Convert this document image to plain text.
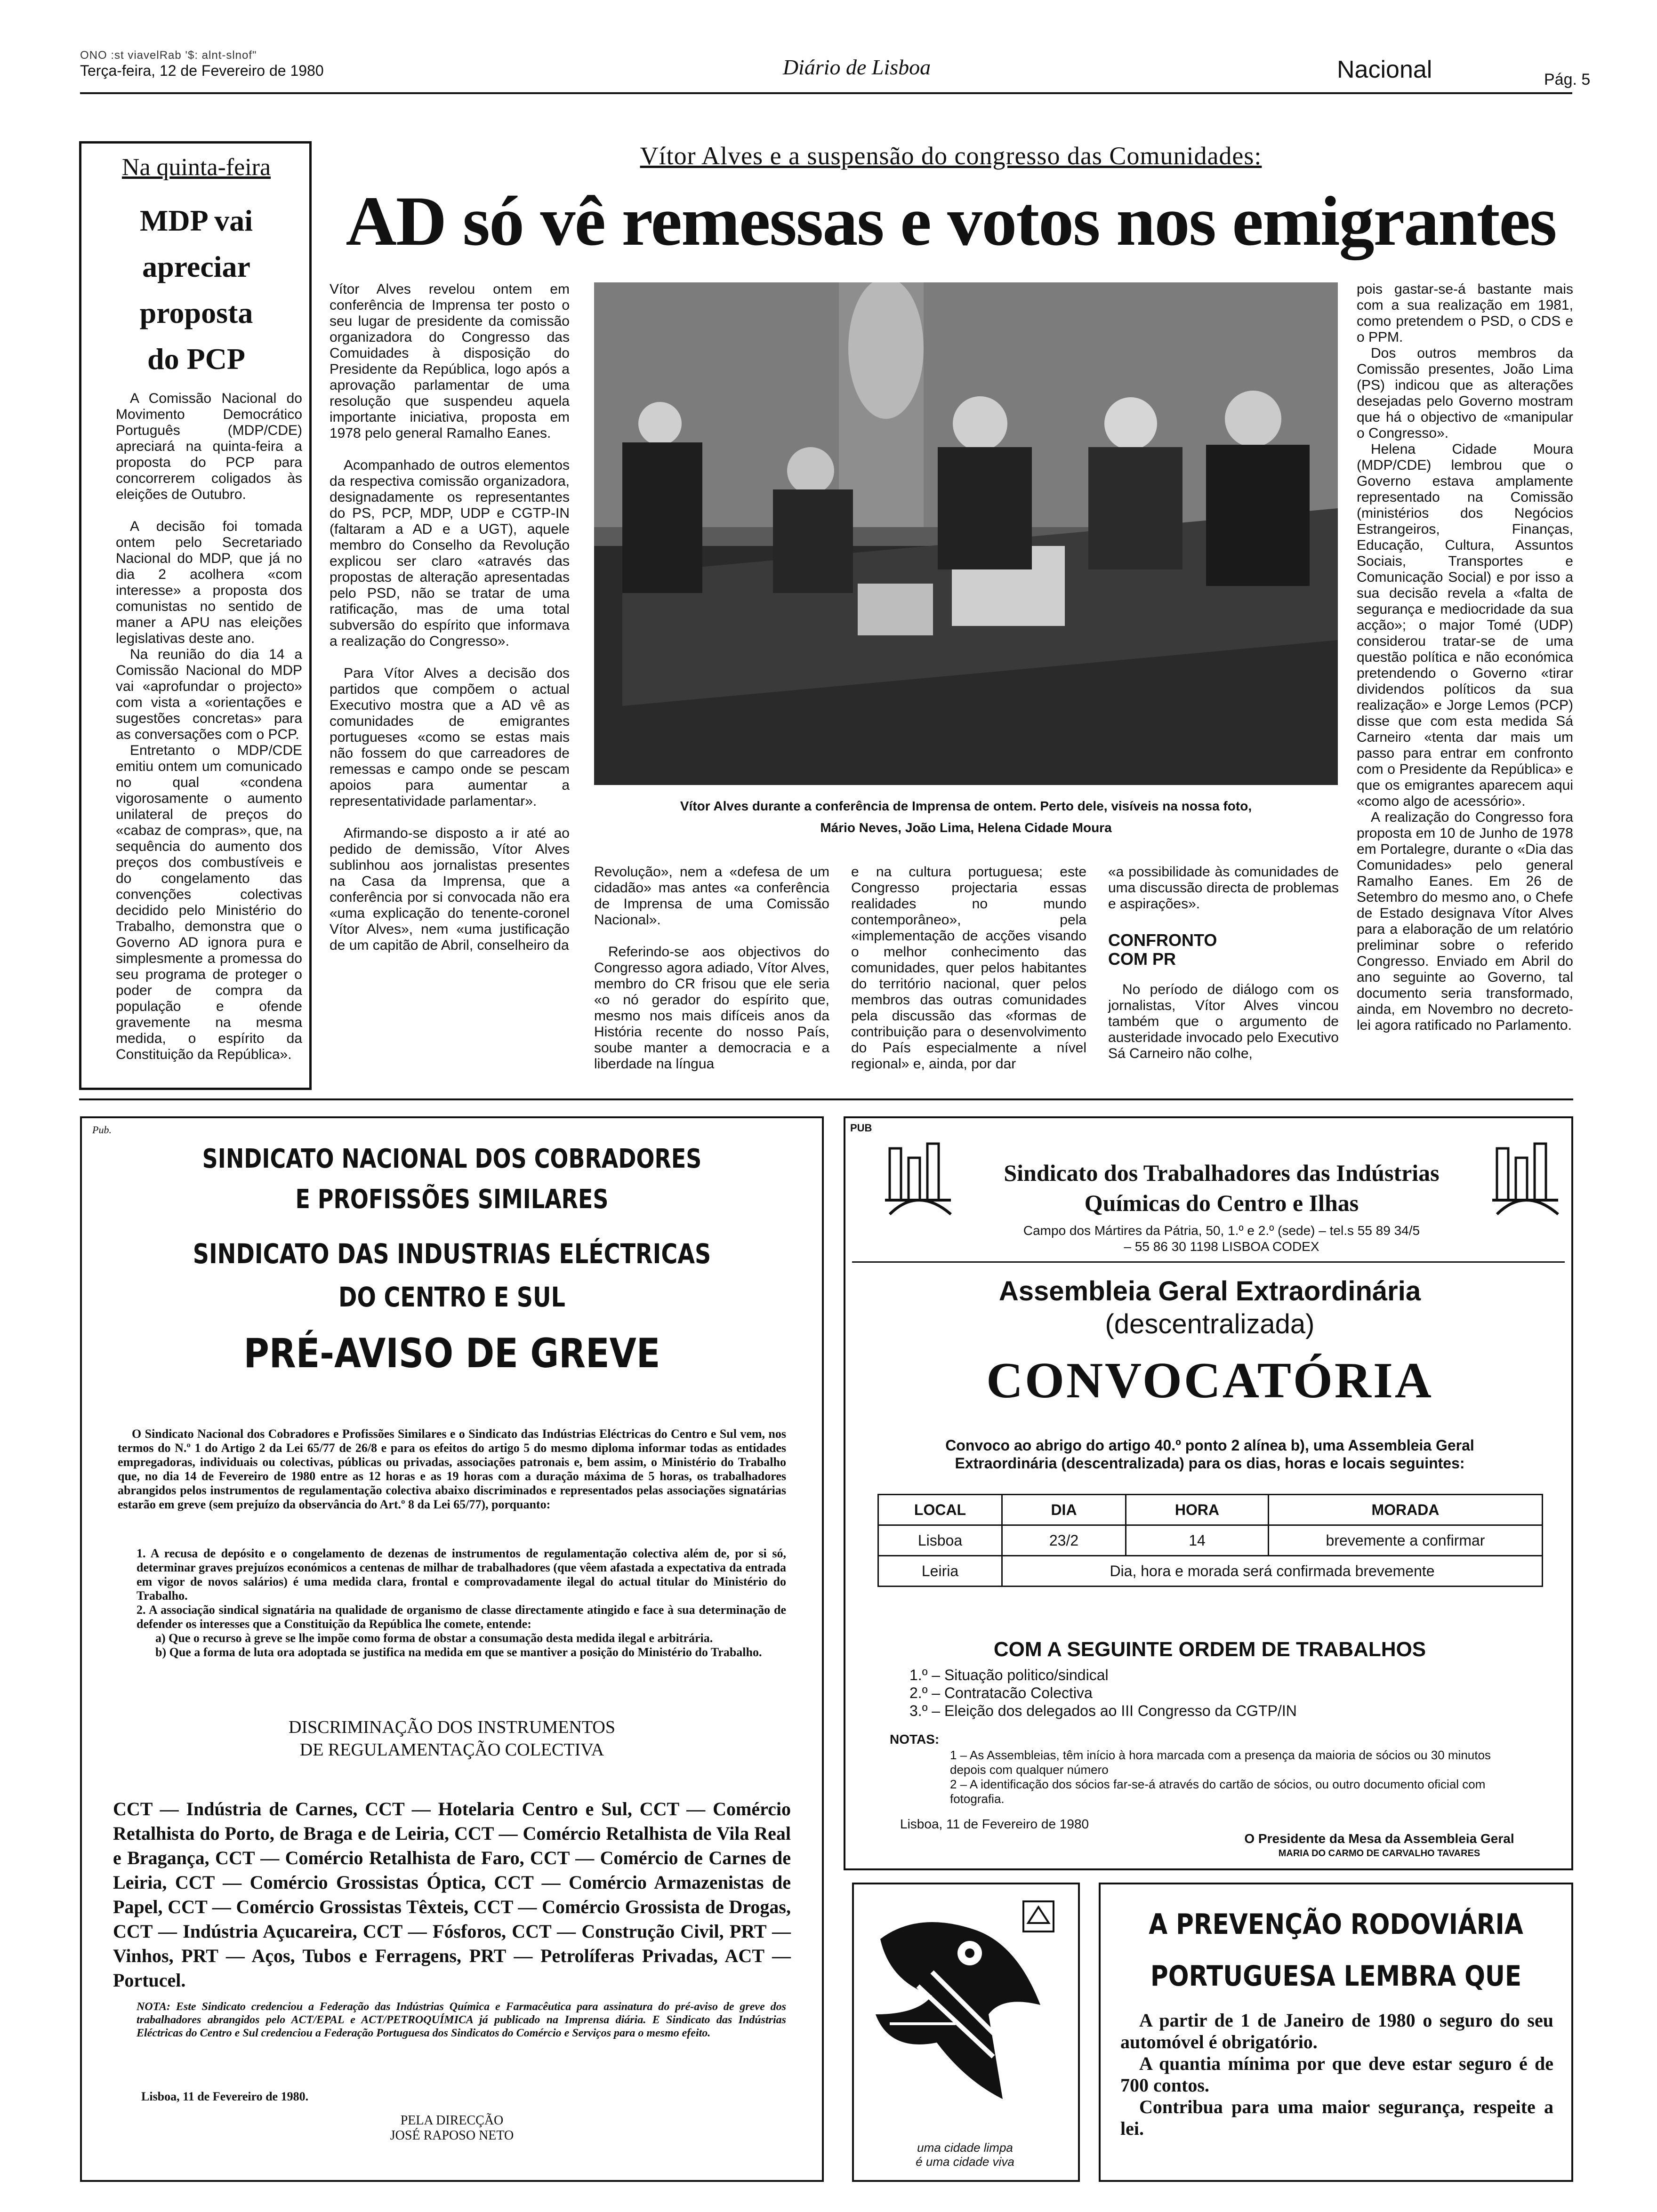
ONO :st viavelRab '$: alnt-slnof"
Terça-feira, 12 de Fevereiro de 1980	Diário de Lisboa	Nacional	Pág. 5
Na quinta-feira
MDP vai
apreciar
proposta
do PCP

A Comissão Nacional do Movimento Democrático Português (MDP/CDE) apreciará na quinta-feira a proposta do PCP para concorrerem coligados às eleições de Outubro.

A decisão foi tomada ontem pelo Secretariado Nacional do MDP, que já no dia 2 acolhera «com interesse» a proposta dos comunistas no sentido de maner a APU nas eleições legislativas deste ano.

Na reunião do dia 14 a Comissão Nacional do MDP vai «aprofundar o projecto» com vista a «orientações e sugestões concretas» para as conversações com o PCP.

Entretanto o MDP/CDE emitiu ontem um comunicado no qual «condena vigorosamente o aumento unilateral de preços do «cabaz de compras», que, na sequência do aumento dos preços dos combustíveis e do congelamento das convenções colectivas decidido pelo Ministério do Trabalho, demonstra que o Governo AD ignora pura e simplesmente a promessa do seu programa de proteger o poder de compra da população e ofende gravemente na mesma medida, o espírito da Constituição da República».

Vítor Alves e a suspensão do congresso das Comunidades:
AD só vê remessas e votos nos emigrantes

Vítor Alves revelou ontem em conferência de Imprensa ter posto o seu lugar de presidente da comissão organizadora do Congresso das Comuidades à disposição do Presidente da República, logo após a aprovação parlamentar de uma resolução que suspendeu aquela importante iniciativa, proposta em 1978 pelo general Ramalho Eanes.

Acompanhado de outros elementos da respectiva comissão organizadora, designadamente os representantes do PS, PCP, MDP, UDP e CGTP-IN (faltaram a AD e a UGT), aquele membro do Conselho da Revolução explicou ser claro «através das propostas de alteração apresentadas pelo PSD, não se tratar de uma ratificação, mas de uma total subversão do espírito que informava a realização do Congresso».

Para Vítor Alves a decisão dos partidos que compõem o actual Executivo mostra que a AD vê as comunidades de emigrantes portugueses «como se estas mais não fossem do que carreadores de remessas e campo onde se pescam apoios para aumentar a representatividade parlamentar».

Afirmando-se disposto a ir até ao pedido de demissão, Vítor Alves sublinhou aos jornalistas presentes na Casa da Imprensa, que a conferência por si convocada não era «uma explicação do tenente-coronel Vítor Alves», nem «uma justificação de um capitão de Abril, conselheiro da

Vítor Alves durante a conferência de Imprensa de ontem. Perto dele, visíveis na nossa foto,
Mário Neves, João Lima, Helena Cidade Moura

Revolução», nem a «defesa de um cidadão» mas antes «a conferência de Imprensa de uma Comissão Nacional».

Referindo-se aos objectivos do Congresso agora adiado, Vítor Alves, membro do CR frisou que ele seria «o nó gerador do espírito que, mesmo nos mais difíceis anos da História recente do nosso País, soube manter a democracia e a liberdade na língua

e na cultura portuguesa; este Congresso projectaria essas realidades no mundo contemporâneo», pela «implementação de acções visando o melhor conhecimento das comunidades, quer pelos habitantes do território nacional, quer pelos membros das outras comunidades pela discussão das «formas de contribuição para o desenvolvimento do País especialmente a nível regional» e, ainda, por dar

«a possibilidade às comunidades de uma discussão directa de problemas e aspirações».

CONFRONTO COM PR

No período de diálogo com os jornalistas, Vítor Alves vincou também que o argumento de austeridade invocado pelo Executivo Sá Carneiro não colhe,

pois gastar-se-á bastante mais com a sua realização em 1981, como pretendem o PSD, o CDS e o PPM.

Dos outros membros da Comissão presentes, João Lima (PS) indicou que as alterações desejadas pelo Governo mostram que há o objectivo de «manipular o Congresso».

Helena Cidade Moura (MDP/CDE) lembrou que o Governo estava amplamente representado na Comissão (ministérios dos Negócios Estrangeiros, Finanças, Educação, Cultura, Assuntos Sociais, Transportes e Comunicação Social) e por isso a sua decisão revela a «falta de segurança e mediocridade da sua acção»; o major Tomé (UDP) considerou tratar-se de uma questão política e não económica pretendendo o Governo «tirar dividendos políticos da sua realização» e Jorge Lemos (PCP) disse que com esta medida Sá Carneiro «tenta dar mais um passo para entrar em confronto com o Presidente da República» e que os emigrantes aparecem aqui «como algo de acessório».

A realização do Congresso fora proposta em 10 de Junho de 1978 em Portalegre, durante o «Dia das Comunidades» pelo general Ramalho Eanes. Em 26 de Setembro do mesmo ano, o Chefe de Estado designava Vítor Alves para a elaboração de um relatório preliminar sobre o referido Congresso. Enviado em Abril do ano seguinte ao Governo, tal documento seria transformado, ainda, em Novembro no decreto-lei agora ratificado no Parlamento.

Pub.
SINDICATO NACIONAL DOS COBRADORES
E PROFISSÕES SIMILARES
SINDICATO DAS INDUSTRIAS ELÉCTRICAS
DO CENTRO E SUL
PRÉ-AVISO DE GREVE
O Sindicato Nacional dos Cobradores e Profissões Similares e o Sindicato das Indústrias Eléctricas do Centro e Sul vem, nos termos do N.º 1 do Artigo 2 da Lei 65/77 de 26/8 e para os efeitos do artigo 5 do mesmo diploma informar todas as entidades empregadoras, individuais ou colectivas, públicas ou privadas, associações patronais e, bem assim, o Ministério do Trabalho que, no dia 14 de Fevereiro de 1980 entre as 12 horas e as 19 horas com a duração máxima de 5 horas, os trabalhadores abrangidos pelos instrumentos de regulamentação colectiva abaixo discriminados e representados pelas associações signatárias estarão em greve (sem prejuízo da observância do Art.º 8 da Lei 65/77), porquanto:
1. A recusa de depósito e o congelamento de dezenas de instrumentos de regulamentação colectiva além de, por si só, determinar graves prejuízos económicos a centenas de milhar de trabalhadores (que vêem afastada a expectativa da entrada em vigor de novos salários) é uma medida clara, frontal e comprovadamente ilegal do actual titular do Ministério do Trabalho.
2. A associação sindical signatária na qualidade de organismo de classe directamente atingido e face à sua determinação de defender os interesses que a Constituição da República lhe comete, entende:
a) Que o recurso à greve se lhe impõe como forma de obstar a consumação desta medida ilegal e arbitrária.
b) Que a forma de luta ora adoptada se justifica na medida em que se mantiver a posição do Ministério do Trabalho.
DISCRIMINAÇÃO DOS INSTRUMENTOS
DE REGULAMENTAÇÃO COLECTIVA
CCT — Indústria de Carnes, CCT — Hotelaria Centro e Sul, CCT — Comércio Retalhista do Porto, de Braga e de Leiria, CCT — Comércio Retalhista de Vila Real e Bragança, CCT — Comércio Retalhista de Faro, CCT — Comércio de Carnes de Leiria, CCT — Comércio Grossistas Óptica, CCT — Comércio Armazenistas de Papel, CCT — Comércio Grossistas Têxteis, CCT — Comércio Grossista de Drogas, CCT — Indústria Açucareira, CCT — Fósforos, CCT — Construção Civil, PRT — Vinhos, PRT — Aços, Tubos e Ferragens, PRT — Petrolíferas Privadas, ACT — Portucel.
NOTA: Este Sindicato credenciou a Federação das Indústrias Química e Farmacêutica para assinatura do pré-aviso de greve dos trabalhadores abrangidos pelo ACT/EPAL e ACT/PETROQUÍMICA já publicado na Imprensa diária. E Sindicato das Indústrias Eléctricas do Centro e Sul credenciou a Federação Portuguesa dos Sindicatos do Comércio e Serviços para o mesmo efeito.
Lisboa, 11 de Fevereiro de 1980.
PELA DIRECÇÃO
JOSÉ RAPOSO NETO
PUB
Sindicato dos Trabalhadores das Indústrias
Químicas do Centro e Ilhas
Campo dos Mártires da Pátria, 50, 1.º e 2.º (sede) – tel.s 55 89 34/5
– 55 86 30 1198 LISBOA CODEX
Assembleia Geral Extraordinária
(descentralizada)
CONVOCATÓRIA
Convoco ao abrigo do artigo 40.º ponto 2 alínea b), uma Assembleia Geral
Extraordinária (descentralizada) para os dias, horas e locais seguintes:
LOCAL	DIA	HORA	MORADA
Lisboa	23/2	14	brevemente a confirmar
Leiria	Dia, hora e morada será confirmada brevemente		
COM A SEGUINTE ORDEM DE TRABALHOS
1.º – Situação politico/sindical
2.º – Contratacão Colectiva
3.º – Eleição dos delegados ao III Congresso da CGTP/IN
NOTAS:
1 – As Assembleias, têm início à hora marcada com a presença da maioria de sócios ou 30 minutos depois com qualquer número
2 – A identificação dos sócios far-se-á através do cartão de sócios, ou outro documento oficial com fotografia.
Lisboa, 11 de Fevereiro de 1980
O Presidente da Mesa da Assembleia Geral
MARIA DO CARMO DE CARVALHO TAVARES
uma cidade limpa
é uma cidade viva
A PREVENÇÃO RODOVIÁRIA
PORTUGUESA LEMBRA QUE
A partir de 1 de Janeiro de 1980 o seguro do seu automóvel é obrigatório.
A quantia mínima por que deve estar seguro é de 700 contos.
Contribua para uma maior segurança, respeite a lei.
